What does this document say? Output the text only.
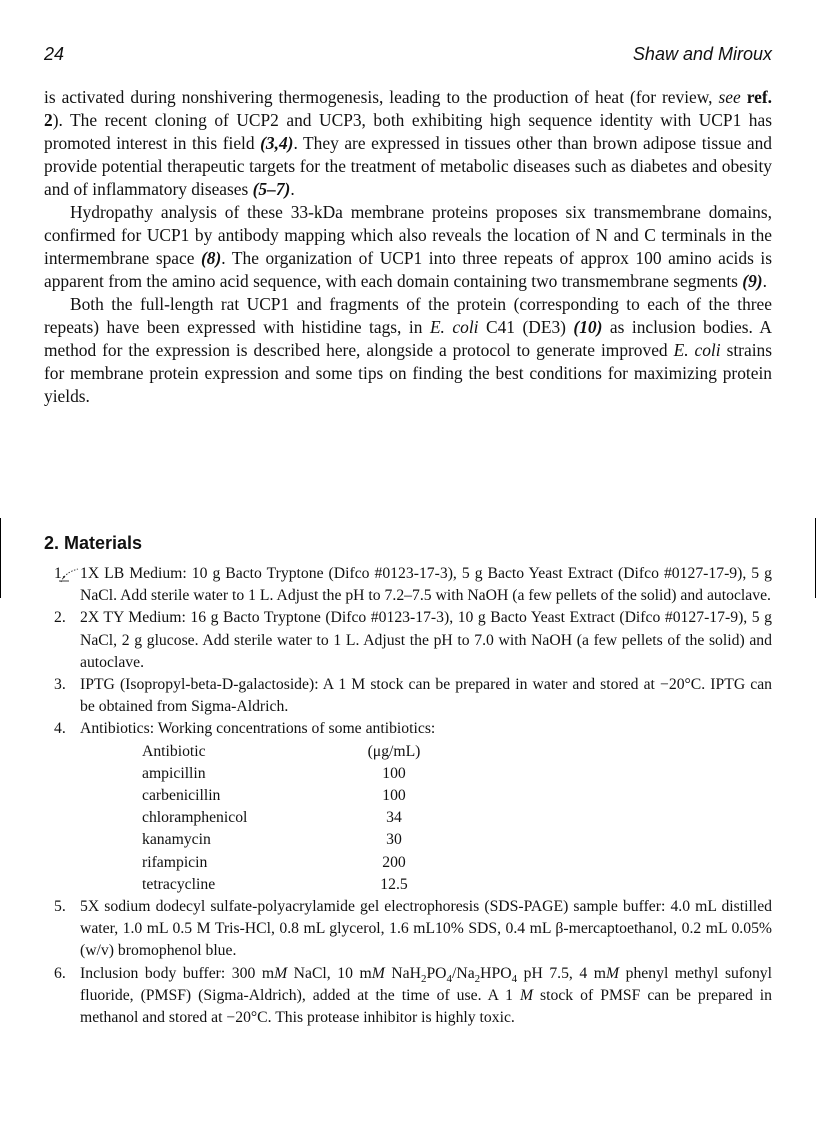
24	Shaw and Miroux

is activated during nonshivering thermogenesis, leading to the production of heat (for review, see ref. 2). The recent cloning of UCP2 and UCP3, both exhibiting high sequence identity with UCP1 has promoted interest in this field (3,4). They are expressed in tissues other than brown adipose tissue and provide potential therapeutic targets for the treatment of metabolic diseases such as diabetes and obesity and of inflammatory diseases (5–7).

Hydropathy analysis of these 33-kDa membrane proteins proposes six transmembrane domains, confirmed for UCP1 by antibody mapping which also reveals the location of N and C terminals in the intermembrane space (8). The organization of UCP1 into three repeats of approx 100 amino acids is apparent from the amino acid sequence, with each domain containing two transmembrane segments (9).

Both the full-length rat UCP1 and fragments of the protein (corresponding to each of the three repeats) have been expressed with histidine tags, in E. coli C41 (DE3) (10) as inclusion bodies. A method for the expression is described here, alongside a protocol to generate improved E. coli strains for membrane protein expression and some tips on finding the best conditions for maximizing protein yields.

2. Materials
1. 1X LB Medium: 10 g Bacto Tryptone (Difco #0123-17-3), 5 g Bacto Yeast Extract (Difco #0127-17-9), 5 g NaCl. Add sterile water to 1 L. Adjust the pH to 7.2–7.5 with NaOH (a few pellets of the solid) and autoclave.
2. 2X TY Medium: 16 g Bacto Tryptone (Difco #0123-17-3), 10 g Bacto Yeast Extract (Difco #0127-17-9), 5 g NaCl, 2 g glucose. Add sterile water to 1 L. Adjust the pH to 7.0 with NaOH (a few pellets of the solid) and autoclave.
3. IPTG (Isopropyl-beta-D-galactoside): A 1 M stock can be prepared in water and stored at −20°C. IPTG can be obtained from Sigma-Aldrich.
4. Antibiotics: Working concentrations of some antibiotics:
Antibiotic	(μg/mL)
ampicillin	100
carbenicillin	100
chloramphenicol	34
kanamycin	30
rifampicin	200
tetracycline	12.5
5. 5X sodium dodecyl sulfate-polyacrylamide gel electrophoresis (SDS-PAGE) sample buffer: 4.0 mL distilled water, 1.0 mL 0.5 M Tris-HCl, 0.8 mL glycerol, 1.6 mL10% SDS, 0.4 mL β-mercaptoethanol, 0.2 mL 0.05% (w/v) bromophenol blue.
6. Inclusion body buffer: 300 mM NaCl, 10 mM $NaH_2PO_4/Na_2HPO_4$ pH 7.5, 4 mM phenyl methyl sufonyl fluoride, (PMSF) (Sigma-Aldrich), added at the time of use. A 1 M stock of PMSF can be prepared in methanol and stored at −20°C. This protease inhibitor is highly toxic.
